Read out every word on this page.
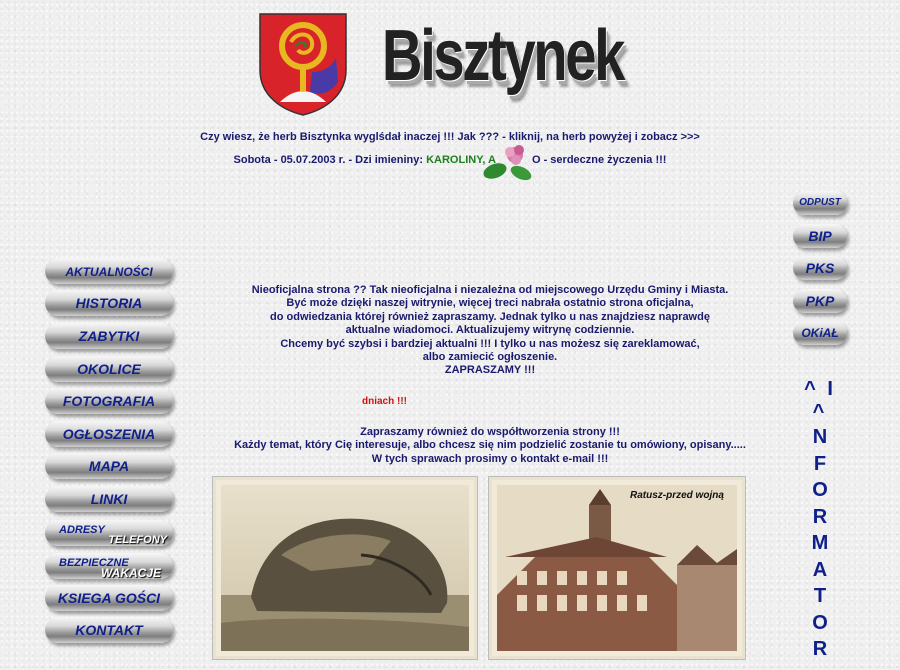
Bisztynek
Czy wiesz, że herb Bisztynka wyglśdał inaczej !!! Jak ??? - kliknij, na herb powyżej i zobacz >>>
Sobota - 05.07.2003 r. - Dzi imieniny: KAROLINY, A	O - serdeczne życzenia !!!
AKTUALNOŚCI
HISTORIA
ZABYTKI
OKOLICE
FOTOGRAFIA
OGŁOSZENIA
MAPA
LINKI
ADRESY
TELEFONY
BEZPIECZNE
WAKACJE
KSIEGA GOŚCI
KONTAKT
ODPUST
BIP
PKS
PKP
OKiAŁ
^ I ^
N
F
O
R
M
A
T
O
R
Nieoficjalna strona ?? Tak nieoficjalna i niezależna od miejscowego Urzędu Gminy i Miasta.
Być może dzięki naszej witrynie, więcej treci nabrała ostatnio strona oficjalna,
do odwiedzania której również zapraszamy. Jednak tylko u nas znajdziesz naprawdę
aktualne wiadomoci. Aktualizujemy witrynę codziennie.
Chcemy być szybsi i bardziej aktualni !!! I tylko u nas możesz się zareklamować,
albo zamiecić ogłoszenie.
ZAPRASZAMY !!!
dniach !!!
Zapraszamy również do współtworzenia strony !!!
Każdy temat, który Cię interesuje, albo chcesz się nim podzielić zostanie tu omówiony, opisany.....
W tych sprawach prosimy o kontakt e-mail !!!
Ratusz-przed wojną
